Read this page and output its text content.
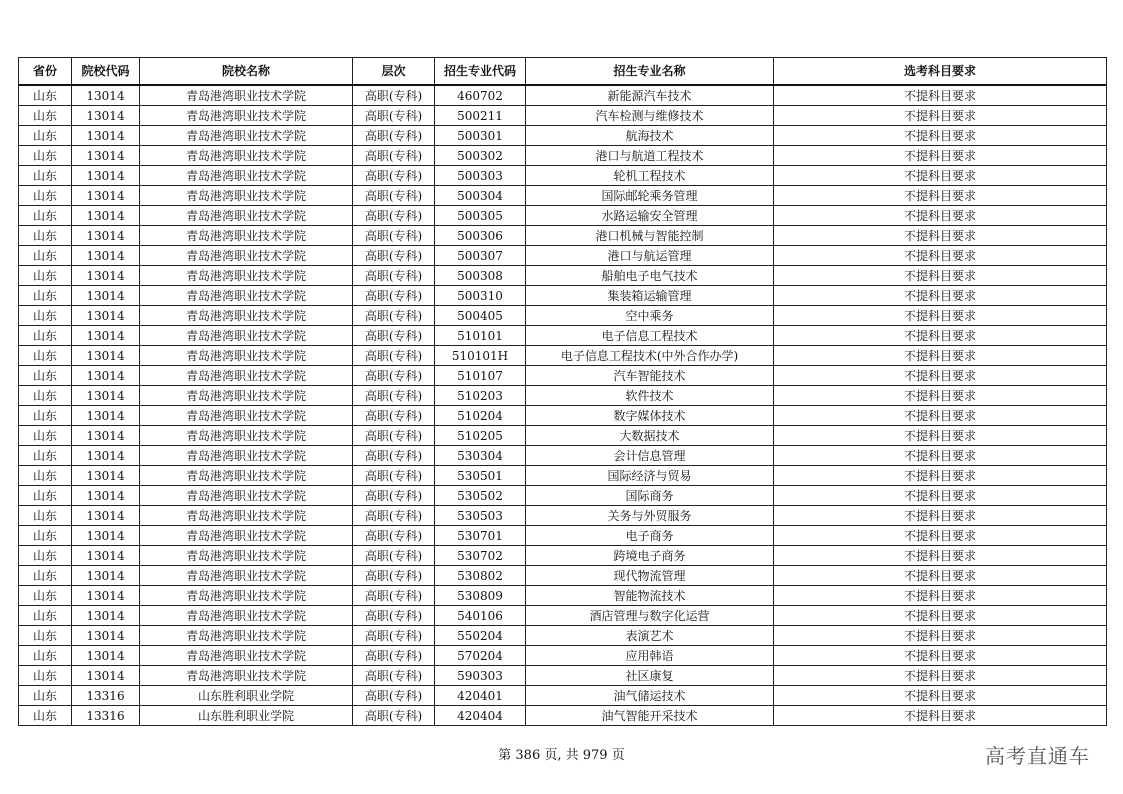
省份	院校代码	院校名称	层次	招生专业代码	招生专业名称	选考科目要求
山东	13014	青岛港湾职业技术学院	高职(专科)	460702	新能源汽车技术	不提科目要求
山东	13014	青岛港湾职业技术学院	高职(专科)	500211	汽车检测与维修技术	不提科目要求
山东	13014	青岛港湾职业技术学院	高职(专科)	500301	航海技术	不提科目要求
山东	13014	青岛港湾职业技术学院	高职(专科)	500302	港口与航道工程技术	不提科目要求
山东	13014	青岛港湾职业技术学院	高职(专科)	500303	轮机工程技术	不提科目要求
山东	13014	青岛港湾职业技术学院	高职(专科)	500304	国际邮轮乘务管理	不提科目要求
山东	13014	青岛港湾职业技术学院	高职(专科)	500305	水路运输安全管理	不提科目要求
山东	13014	青岛港湾职业技术学院	高职(专科)	500306	港口机械与智能控制	不提科目要求
山东	13014	青岛港湾职业技术学院	高职(专科)	500307	港口与航运管理	不提科目要求
山东	13014	青岛港湾职业技术学院	高职(专科)	500308	船舶电子电气技术	不提科目要求
山东	13014	青岛港湾职业技术学院	高职(专科)	500310	集装箱运输管理	不提科目要求
山东	13014	青岛港湾职业技术学院	高职(专科)	500405	空中乘务	不提科目要求
山东	13014	青岛港湾职业技术学院	高职(专科)	510101	电子信息工程技术	不提科目要求
山东	13014	青岛港湾职业技术学院	高职(专科)	510101H	电子信息工程技术(中外合作办学)	不提科目要求
山东	13014	青岛港湾职业技术学院	高职(专科)	510107	汽车智能技术	不提科目要求
山东	13014	青岛港湾职业技术学院	高职(专科)	510203	软件技术	不提科目要求
山东	13014	青岛港湾职业技术学院	高职(专科)	510204	数字媒体技术	不提科目要求
山东	13014	青岛港湾职业技术学院	高职(专科)	510205	大数据技术	不提科目要求
山东	13014	青岛港湾职业技术学院	高职(专科)	530304	会计信息管理	不提科目要求
山东	13014	青岛港湾职业技术学院	高职(专科)	530501	国际经济与贸易	不提科目要求
山东	13014	青岛港湾职业技术学院	高职(专科)	530502	国际商务	不提科目要求
山东	13014	青岛港湾职业技术学院	高职(专科)	530503	关务与外贸服务	不提科目要求
山东	13014	青岛港湾职业技术学院	高职(专科)	530701	电子商务	不提科目要求
山东	13014	青岛港湾职业技术学院	高职(专科)	530702	跨境电子商务	不提科目要求
山东	13014	青岛港湾职业技术学院	高职(专科)	530802	现代物流管理	不提科目要求
山东	13014	青岛港湾职业技术学院	高职(专科)	530809	智能物流技术	不提科目要求
山东	13014	青岛港湾职业技术学院	高职(专科)	540106	酒店管理与数字化运营	不提科目要求
山东	13014	青岛港湾职业技术学院	高职(专科)	550204	表演艺术	不提科目要求
山东	13014	青岛港湾职业技术学院	高职(专科)	570204	应用韩语	不提科目要求
山东	13014	青岛港湾职业技术学院	高职(专科)	590303	社区康复	不提科目要求
山东	13316	山东胜利职业学院	高职(专科)	420401	油气储运技术	不提科目要求
山东	13316	山东胜利职业学院	高职(专科)	420404	油气智能开采技术	不提科目要求
第 386 页, 共 979 页	高考直通车
